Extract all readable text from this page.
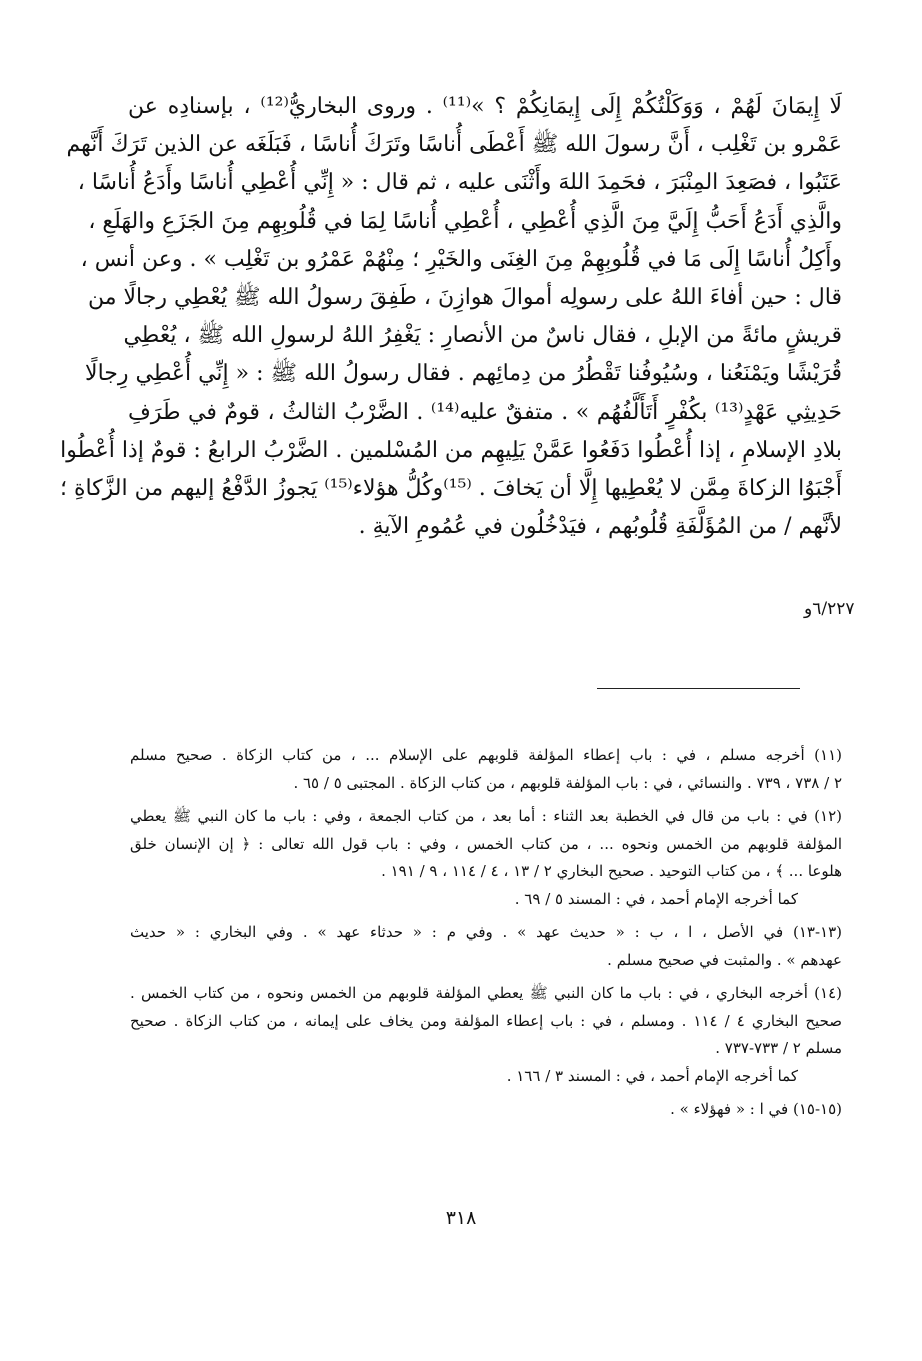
لَا إِيمَانَ لَهُمْ ، وَوَكَلْتُكُمْ إِلَى إِيمَانِكُمْ ؟ »⁽¹¹⁾ . وروى البخاريُّ⁽¹²⁾ ، بإسنادِه عن
عَمْرو بن تَغْلِب ، أَنَّ رسولَ الله ﷺ أَعْطَى أُناسًا وتَرَكَ أُناسًا ، فَبَلَغَه عن الذين تَرَكَ أَنَّهم
عَتَبُوا ، فصَعِدَ المِنْبَرَ ، فحَمِدَ اللهَ وأَثْنَى عليه ، ثم قال : « إِنِّي أُعْطِي أُناسًا وأَدَعُ أُناسًا ،
والَّذِي أَدَعُ أَحَبُّ إِلَيَّ مِنَ الَّذِي أُعْطِي ، أُعْطِي أُناسًا لِمَا في قُلُوبِهِم مِنَ الجَزَعِ والهَلَعِ ،
وأَكِلُ أُناسًا إِلَى مَا في قُلُوبِهِمْ مِنَ الغِنَى والخَيْرِ ؛ مِنْهُمْ عَمْرُو بن تَغْلِب » . وعن أنس ،
قال : حين أفاءَ اللهُ على رسولِه أموالَ هوازِنَ ، طَفِقَ رسولُ الله ﷺ يُعْطِي رجالًا من
قريشٍ مائةً من الإبلِ ، فقال ناسٌ من الأنصارِ : يَغْفِرُ اللهُ لرسولِ الله ﷺ ، يُعْطِي
قُرَيْشًا ويَمْنَعُنا ، وسُيُوفُنا تَقْطُرُ من دِمائِهم . فقال رسولُ الله ﷺ : « إِنِّي أُعْطِي رِجالًا
حَدِيثِي عَهْدٍ⁽¹³⁾ بكُفْرٍ أَتَأَلَّفُهُم » . متفقٌ عليه⁽¹⁴⁾ . الضَّرْبُ الثالثُ ، قومٌ في طَرَفِ
بلادِ الإسلامِ ، إذا أُعْطُوا دَفَعُوا عَمَّنْ يَلِيهِم من المُسْلمين . الضَّرْبُ الرابعُ : قومٌ إذا أُعْطُوا
أَجْبَوُا الزكاةَ مِمَّن لا يُعْطِيها إِلَّا أن يَخافَ . ⁽¹⁵⁾وكُلُّ هؤلاء⁽¹⁵⁾ يَجوزُ الدَّفْعُ إليهم من الزَّكاةِ ؛
لأنَّهم / من المُؤَلَّفَةِ قُلُوبُهم ، فيَدْخُلُون في عُمُومِ الآيةِ .
٦/٢٢٧و
(١١) أخرجه مسلم ، في : باب إعطاء المؤلفة قلوبهم على الإسلام ... ، من كتاب الزكاة . صحيح مسلم
٢ / ٧٣٨ ، ٧٣٩ . والنسائي ، في : باب المؤلفة قلوبهم ، من كتاب الزكاة . المجتبى ٥ / ٦٥ .
(١٢) في : باب من قال في الخطبة بعد الثناء : أما بعد ، من كتاب الجمعة ، وفي : باب ما كان النبي ﷺ يعطي
المؤلفة قلوبهم من الخمس ونحوه ... ، من كتاب الخمس ، وفي : باب قول الله تعالى : ﴿ إن الإنسان خلق
هلوعا ... ﴾ ، من كتاب التوحيد . صحيح البخاري ٢ / ١٣ ، ٤ / ١١٤ ، ٩ / ١٩١ .
كما أخرجه الإمام أحمد ، في : المسند ٥ / ٦٩ .
(١٣-١٣) في الأصل ، ا ، ب : « حديث عهد » . وفي م : « حدثاء عهد » . وفي البخاري : « حديث
عهدهم » . والمثبت في صحيح مسلم .
(١٤) أخرجه البخاري ، في : باب ما كان النبي ﷺ يعطي المؤلفة قلوبهم من الخمس ونحوه ، من كتاب الخمس .
صحيح البخاري ٤ / ١١٤ . ومسلم ، في : باب إعطاء المؤلفة ومن يخاف على إيمانه ، من كتاب الزكاة . صحيح
مسلم ٢ / ٧٣٣-٧٣٧ .
كما أخرجه الإمام أحمد ، في : المسند ٣ / ١٦٦ .
(١٥-١٥) في ا : « فهؤلاء » .
٣١٨
